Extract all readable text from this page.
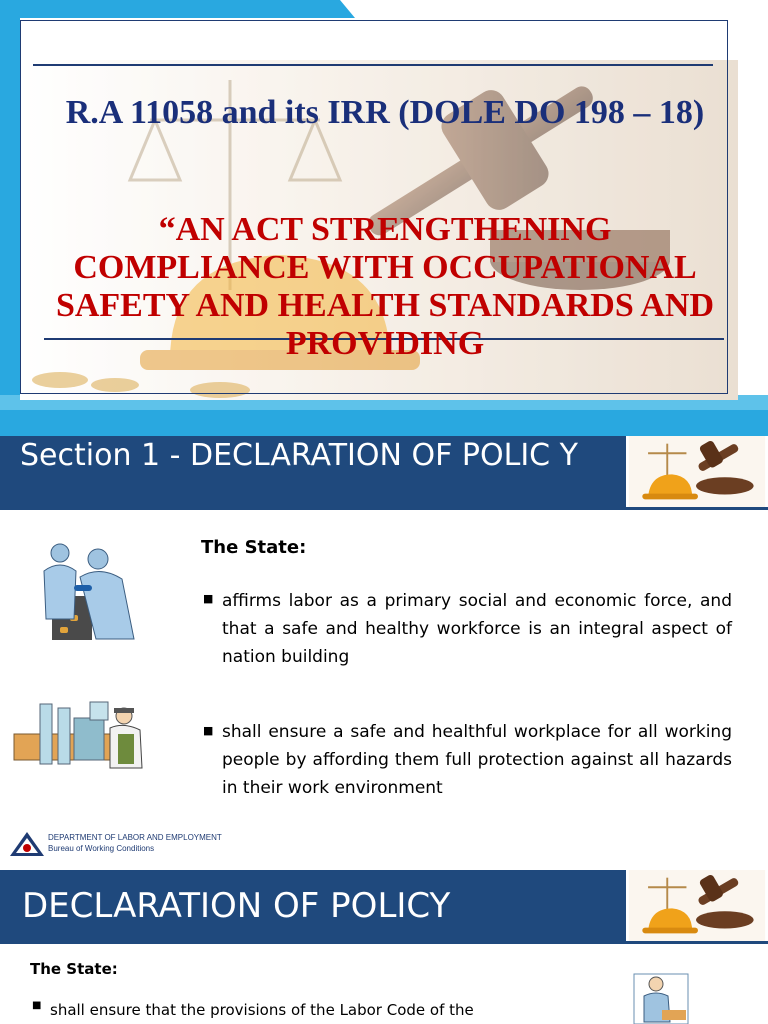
R.A 11058 and its IRR (DOLE DO 198 – 18)
“AN ACT STRENGTHENING COMPLIANCE WITH OCCUPATIONAL SAFETY AND HEALTH STANDARDS AND PROVIDING
Section 1 - DECLARATION OF POLIC Y
The State:
■ affirms labor as a primary social and economic force, and that a safe and healthy workforce is an integral aspect of nation building
■ shall ensure a safe and healthful workplace for all working people by affording them full protection against all hazards in their work environment
DEPARTMENT OF LABOR AND EMPLOYMENT
Bureau of Working Conditions
DECLARATION OF POLICY
The State:
■ shall ensure that the provisions of the Labor Code of the
